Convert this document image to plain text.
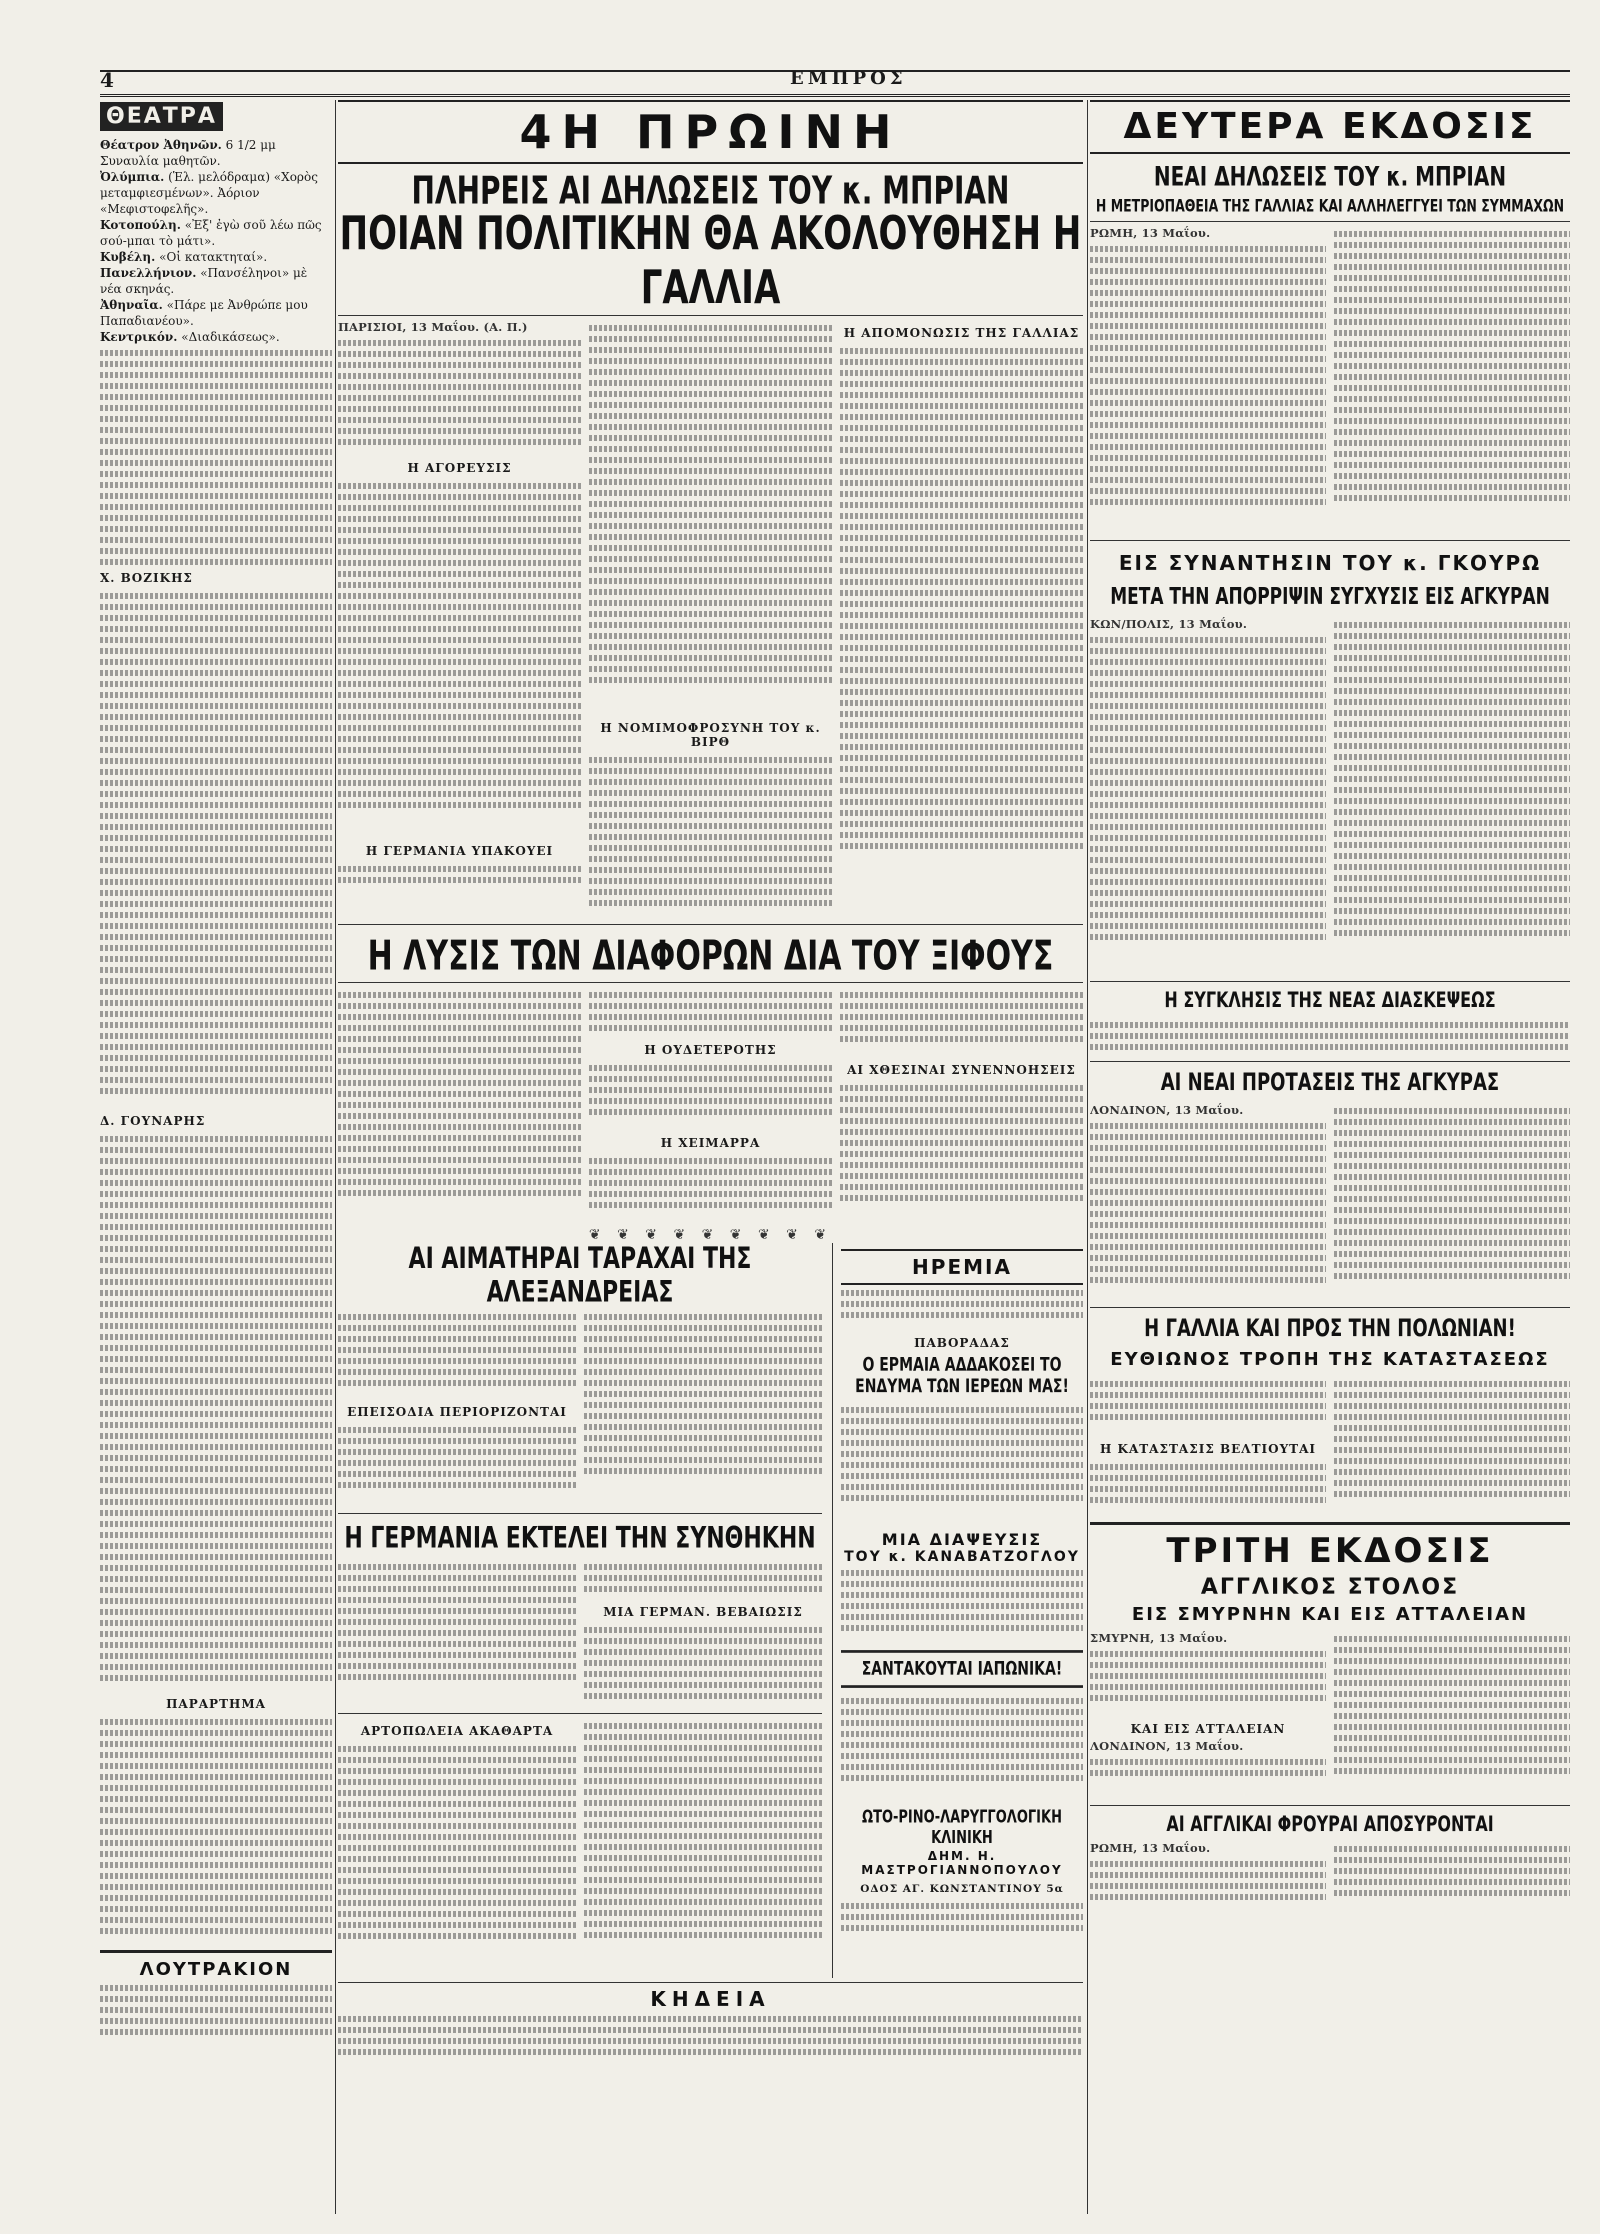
4	ΕΜΠΡΟΣ
ΘΕΑΤΡΑ

Θέατρον Ἀθηνῶν. 6 1/2 μμ Συναυλία μαθητῶν.

Ὀλύμπια. (Ἑλ. μελόδραμα) «Χορὸς μεταμφιεσμένων». Ἀόριον «Μεφιστοφελῆς».

Κοτοπούλη. «Ἐξ' ἐγὼ σοῦ λέω πῶς σού-μπαι τὸ μάτι».

Κυβέλη. «Οἱ κατακτηταί».

Πανελλήνιον. «Πανσέληνοι» μὲ νέα σκηνάς.

Ἀθηναῖα. «Πάρε με Ἀνθρώπε μου Παπαδιανέου».

Κεντρικόν. «Διαδικάσεως».

Χ. ΒΟΖΙΚΗΣ
Δ. ΓΟΥΝΑΡΗΣ
ΠΑΡΑΡΤΗΜΑ
ΛΟΥΤΡΑΚΙΟΝ
4Η ΠΡΩΙΝΗ
ΠΛΗΡΕΙΣ ΑΙ ΔΗΛΩΣΕΙΣ ΤΟΥ κ. ΜΠΡΙΑΝ
ΠΟΙΑΝ ΠΟΛΙΤΙΚΗΝ ΘΑ ΑΚΟΛΟΥΘΗΣΗ Η ΓΑΛΛΙΑ
ΠΑΡΙΣΙΟΙ, 13 Μαΐου. (Α. Π.)
Η ΑΓΟΡΕΥΣΙΣ
Η ΓΕΡΜΑΝΙΑ ΥΠΑΚΟΥΕΙ
Η ΝΟΜΙΜΟΦΡΟΣΥΝΗ ΤΟΥ κ. ΒΙΡΘ
Η ΑΠΟΜΟΝΩΣΙΣ ΤΗΣ ΓΑΛΛΙΑΣ
Η ΛΥΣΙΣ ΤΩΝ ΔΙΑΦΟΡΩΝ ΔΙΑ ΤΟΥ ΞΙΦΟΥΣ
Η ΟΥΔΕΤΕΡΟΤΗΣ
Η ΧΕΙΜΑΡΡΑ
ΑΙ ΧΘΕΣΙΝΑΙ ΣΥΝΕΝΝΟΗΣΕΙΣ
❦ ❦ ❦ ❦ ❦ ❦ ❦ ❦ ❦
ΑΙ ΑΙΜΑΤΗΡΑΙ ΤΑΡΑΧΑΙ ΤΗΣ ΑΛΕΞΑΝΔΡΕΙΑΣ
ΕΠΕΙΣΟΔΙΑ ΠΕΡΙΟΡΙΖΟΝΤΑΙ
Η ΓΕΡΜΑΝΙΑ ΕΚΤΕΛΕΙ ΤΗΝ ΣΥΝΘΗΚΗΝ
ΜΙΑ ΓΕΡΜΑΝ. ΒΕΒΑΙΩΣΙΣ
ΑΡΤΟΠΩΛΕΙΑ ΑΚΑΘΑΡΤΑ
ΗΡΕΜΙΑ
ΠΑΒΟΡΑΔΑΣ
Ο ΕΡΜΑΙΑ ΑΔΔΑΚΟΣΕΙ ΤΟ ΕΝΔΥΜΑ ΤΩΝ ΙΕΡΕΩΝ ΜΑΣ!
ΜΙΑ ΔΙΑΨΕΥΣΙΣ
ΤΟΥ κ. ΚΑΝΑΒΑΤΖΟΓΛΟΥ
ΣΑΝΤΑΚΟΥΤΑΙ ΙΑΠΩΝΙΚΑ!
ΩΤΟ-ΡΙΝΟ-ΛΑΡΥΓΓΟΛΟΓΙΚΗ ΚΛΙΝΙΚΗ
ΔΗΜ. Η. ΜΑΣΤΡΟΓΙΑΝΝΟΠΟΥΛΟΥ
ΟΔΟΣ ΑΓ. ΚΩΝΣΤΑΝΤΙΝΟΥ 5α
ΚΗΔΕΙΑ
ΔΕΥΤΕΡΑ ΕΚΔΟΣΙΣ
ΝΕΑΙ ΔΗΛΩΣΕΙΣ ΤΟΥ κ. ΜΠΡΙΑΝ
Η ΜΕΤΡΙΟΠΑΘΕΙΑ ΤΗΣ ΓΑΛΛΙΑΣ ΚΑΙ ΑΛΛΗΛΕΓΓΥΕΙ ΤΩΝ ΣΥΜΜΑΧΩΝ
ΡΩΜΗ, 13 Μαΐου.
ΕΙΣ ΣΥΝΑΝΤΗΣΙΝ ΤΟΥ κ. ΓΚΟΥΡΩ
ΜΕΤΑ ΤΗΝ ΑΠΟΡΡΙΨΙΝ ΣΥΓΧΥΣΙΣ ΕΙΣ ΑΓΚΥΡΑΝ
ΚΩΝ/ΠΟΛΙΣ, 13 Μαΐου.
Η ΣΥΓΚΛΗΣΙΣ ΤΗΣ ΝΕΑΣ ΔΙΑΣΚΕΨΕΩΣ
ΑΙ ΝΕΑΙ ΠΡΟΤΑΣΕΙΣ ΤΗΣ ΑΓΚΥΡΑΣ
ΛΟΝΔΙΝΟΝ, 13 Μαΐου.
Η ΓΑΛΛΙΑ ΚΑΙ ΠΡΟΣ ΤΗΝ ΠΟΛΩΝΙΑΝ!
ΕΥΘΙΩΝΟΣ ΤΡΟΠΗ ΤΗΣ ΚΑΤΑΣΤΑΣΕΩΣ
Η ΚΑΤΑΣΤΑΣΙΣ ΒΕΛΤΙΟΥΤΑΙ
ΤΡΙΤΗ ΕΚΔΟΣΙΣ
ΑΓΓΛΙΚΟΣ ΣΤΟΛΟΣ
ΕΙΣ ΣΜΥΡΝΗΝ ΚΑΙ ΕΙΣ ΑΤΤΑΛΕΙΑΝ
ΣΜΥΡΝΗ, 13 Μαΐου.
ΚΑΙ ΕΙΣ ΑΤΤΑΛΕΙΑΝ
ΛΟΝΔΙΝΟΝ, 13 Μαΐου.
ΑΙ ΑΓΓΛΙΚΑΙ ΦΡΟΥΡΑΙ ΑΠΟΣΥΡΟΝΤΑΙ
ΡΩΜΗ, 13 Μαΐου.
